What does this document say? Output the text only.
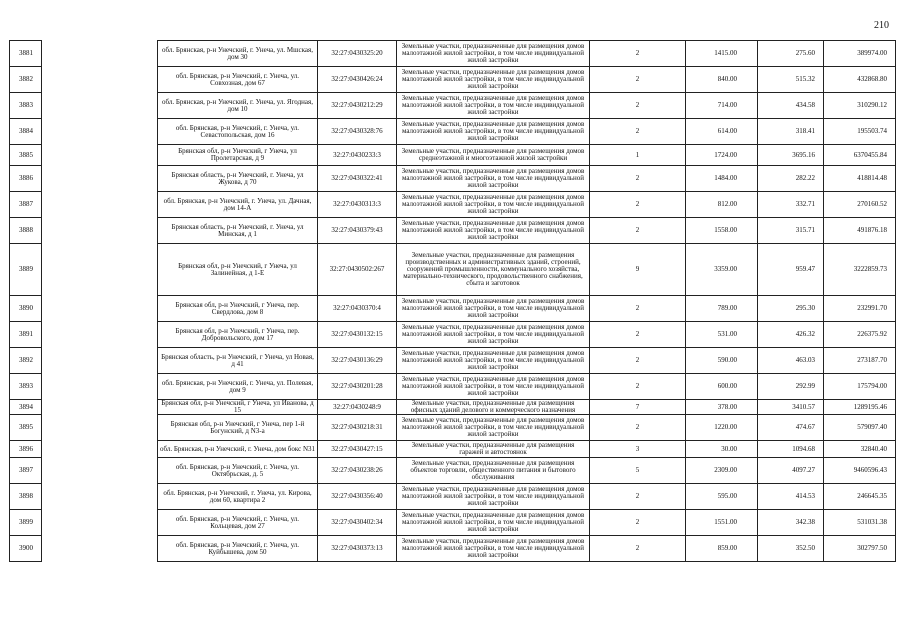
210
3881		обл. Брянская, р-н Унечский, г. Унеча, ул. Мшская, дом 30	32:27:0430325:20	Земельные участки, предназначенные для размещения домов малоэтажной жилой застройки, в том числе индивидуальной жилой застройки	2	1415.00	275.60	389974.00
3882		обл. Брянская, р-н Унечский, г. Унеча, ул. Совхозная, дом 67	32:27:0430426:24	Земельные участки, предназначенные для размещения домов малоэтажной жилой застройки, в том числе индивидуальной жилой застройки	2	840.00	515.32	432868.80
3883		обл. Брянская, р-н Унечский, г. Унеча, ул. Ягодная, дом 10	32:27:0430212:29	Земельные участки, предназначенные для размещения домов малоэтажной жилой застройки, в том числе индивидуальной жилой застройки	2	714.00	434.58	310290.12
3884		обл. Брянская, р-н Унечский, г. Унеча, ул. Севастопольская, дом 16	32:27:0430328:76	Земельные участки, предназначенные для размещения домов малоэтажной жилой застройки, в том числе индивидуальной жилой застройки	2	614.00	318.41	195503.74
3885		Брянская обл, р-н Унечский, г Унеча, ул Пролетарская, д 9	32:27:0430233:3	Земельные участки, предназначенные для размещения домов среднеэтажной и многоэтажной жилой застройки	1	1724.00	3695.16	6370455.84
3886		Брянская область, р-н Унечский, г. Унеча, ул Жукова, д 70	32:27:0430322:41	Земельные участки, предназначенные для размещения домов малоэтажной жилой застройки, в том числе индивидуальной жилой застройки	2	1484.00	282.22	418814.48
3887		обл. Брянская, р-н Унечский, г. Унеча, ул. Дачная, дом 14-А	32:27:0430313:3	Земельные участки, предназначенные для размещения домов малоэтажной жилой застройки, в том числе индивидуальной жилой застройки	2	812.00	332.71	270160.52
3888		Брянская область, р-н Унечский, г. Унеча, ул Минская, д 1	32:27:0430379:43	Земельные участки, предназначенные для размещения домов малоэтажной жилой застройки, в том числе индивидуальной жилой застройки	2	1558.00	315.71	491876.18
3889		Брянская обл, р-н Унечский, г Унеча, ул Залинейная, д 1-Е	32:27:0430502:267	Земельные участки, предназначенные для размещения производственных и административных зданий, строений, сооружений промышленности, коммунального хозяйства, материально-технического, продовольственного снабжения, сбыта и заготовок	9	3359.00	959.47	3222859.73
3890		Брянская обл, р-н Унечский, г Унеча, пер. Свердлова, дом 8	32:27:0430370:4	Земельные участки, предназначенные для размещения домов малоэтажной жилой застройки, в том числе индивидуальной жилой застройки	2	789.00	295.30	232991.70
3891		Брянская обл, р-н Унечский, г Унеча, пер. Добровольского, дом 17	32:27:0430132:15	Земельные участки, предназначенные для размещения домов малоэтажной жилой застройки, в том числе индивидуальной жилой застройки	2	531.00	426.32	226375.92
3892		Брянская область, р-н Унечский, г Унеча, ул Новая, д 41	32:27:0430136:29	Земельные участки, предназначенные для размещения домов малоэтажной жилой застройки, в том числе индивидуальной жилой застройки	2	590.00	463.03	273187.70
3893		обл. Брянская, р-н Унечский, г. Унеча, ул. Полевая, дом 9	32:27:0430201:28	Земельные участки, предназначенные для размещения домов малоэтажной жилой застройки, в том числе индивидуальной жилой застройки	2	600.00	292.99	175794.00
3894		Брянская обл, р-н Унечский, г Унеча, ул Иванова, д 15	32:27:0430248:9	Земельные участки, предназначенные для размещения офисных зданий делового и коммерческого назначения	7	378.00	3410.57	1289195.46
3895		Брянская обл, р-н Унечский, г Унеча, пер 1-й Богунский, д N3-а	32:27:0430218:31	Земельные участки, предназначенные для размещения домов малоэтажной жилой застройки, в том числе индивидуальной жилой застройки	2	1220.00	474.67	579097.40
3896		обл. Брянская, р-н Унечский, г. Унеча, дом бокс N31	32:27:0430427:15	Земельные участки, предназначенные для размещения гаражей и автостоянок	3	30.00	1094.68	32840.40
3897		обл. Брянская, р-н Унечский, г. Унеча, ул. Октябрьская, д. 5	32:27:0430238:26	Земельные участки, предназначенные для размещения объектов торговли, общественного питания и бытового обслуживания	5	2309.00	4097.27	9460596.43
3898		обл. Брянская, р-н Унечский, г. Унеча, ул. Кирова, дом 60, квартира 2	32:27:0430356:40	Земельные участки, предназначенные для размещения домов малоэтажной жилой застройки, в том числе индивидуальной жилой застройки	2	595.00	414.53	246645.35
3899		обл. Брянская, р-н Унечский, г. Унеча, ул. Кольцевая, дом 27	32:27:0430402:34	Земельные участки, предназначенные для размещения домов малоэтажной жилой застройки, в том числе индивидуальной жилой застройки	2	1551.00	342.38	531031.38
3900		обл. Брянская, р-н Унечский, г. Унеча, ул. Куйбышева, дом 50	32:27:0430373:13	Земельные участки, предназначенные для размещения домов малоэтажной жилой застройки, в том числе индивидуальной жилой застройки	2	859.00	352.50	302797.50
